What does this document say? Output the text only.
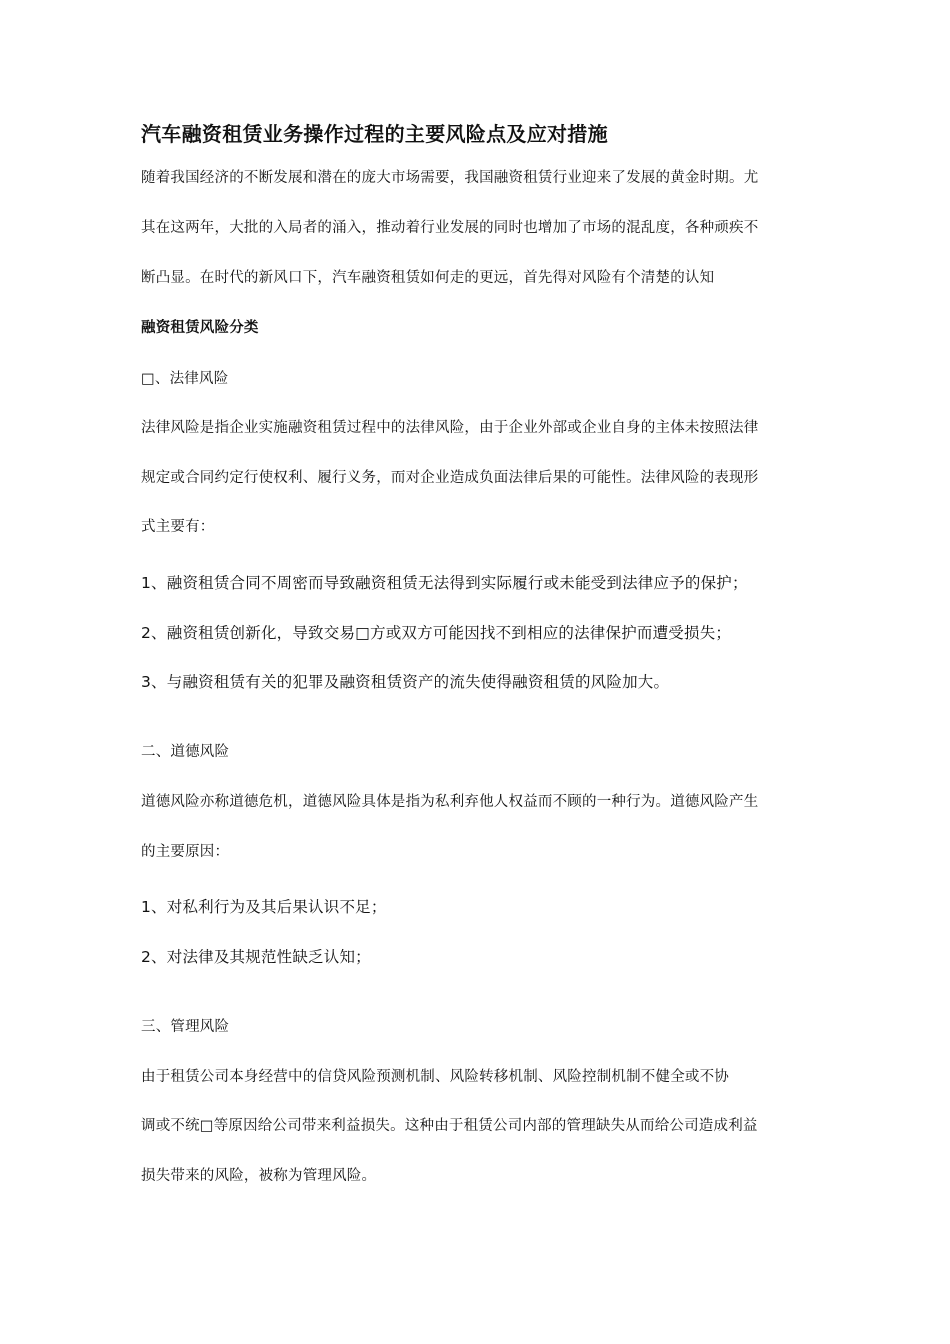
汽车融资租赁业务操作过程的主要风险点及应对措施
随着我国经济的不断发展和潜在的庞大市场需要，我国融资租赁行业迎来了发展的黄金时期。尤
其在这两年，大批的入局者的涌入，推动着行业发展的同时也增加了市场的混乱度，各种顽疾不
断凸显。在时代的新风口下，汽车融资租赁如何走的更远，首先得对风险有个清楚的认知
融资租赁风险分类
□、法律风险
法律风险是指企业实施融资租赁过程中的法律风险，由于企业外部或企业自身的主体未按照法律
规定或合同约定行使权利、履行义务，而对企业造成负面法律后果的可能性。法律风险的表现形
式主要有：
1、融资租赁合同不周密而导致融资租赁无法得到实际履行或未能受到法律应予的保护；
2、融资租赁创新化，导致交易□方或双方可能因找不到相应的法律保护而遭受损失；
3、与融资租赁有关的犯罪及融资租赁资产的流失使得融资租赁的风险加大。
二、道德风险
道德风险亦称道德危机，道德风险具体是指为私利弃他人权益而不顾的一种行为。道德风险产生
的主要原因：
1、对私利行为及其后果认识不足；
2、对法律及其规范性缺乏认知；
三、管理风险
由于租赁公司本身经营中的信贷风险预测机制、风险转移机制、风险控制机制不健全或不协
调或不统□等原因给公司带来利益损失。这种由于租赁公司内部的管理缺失从而给公司造成利益
损失带来的风险，被称为管理风险。
